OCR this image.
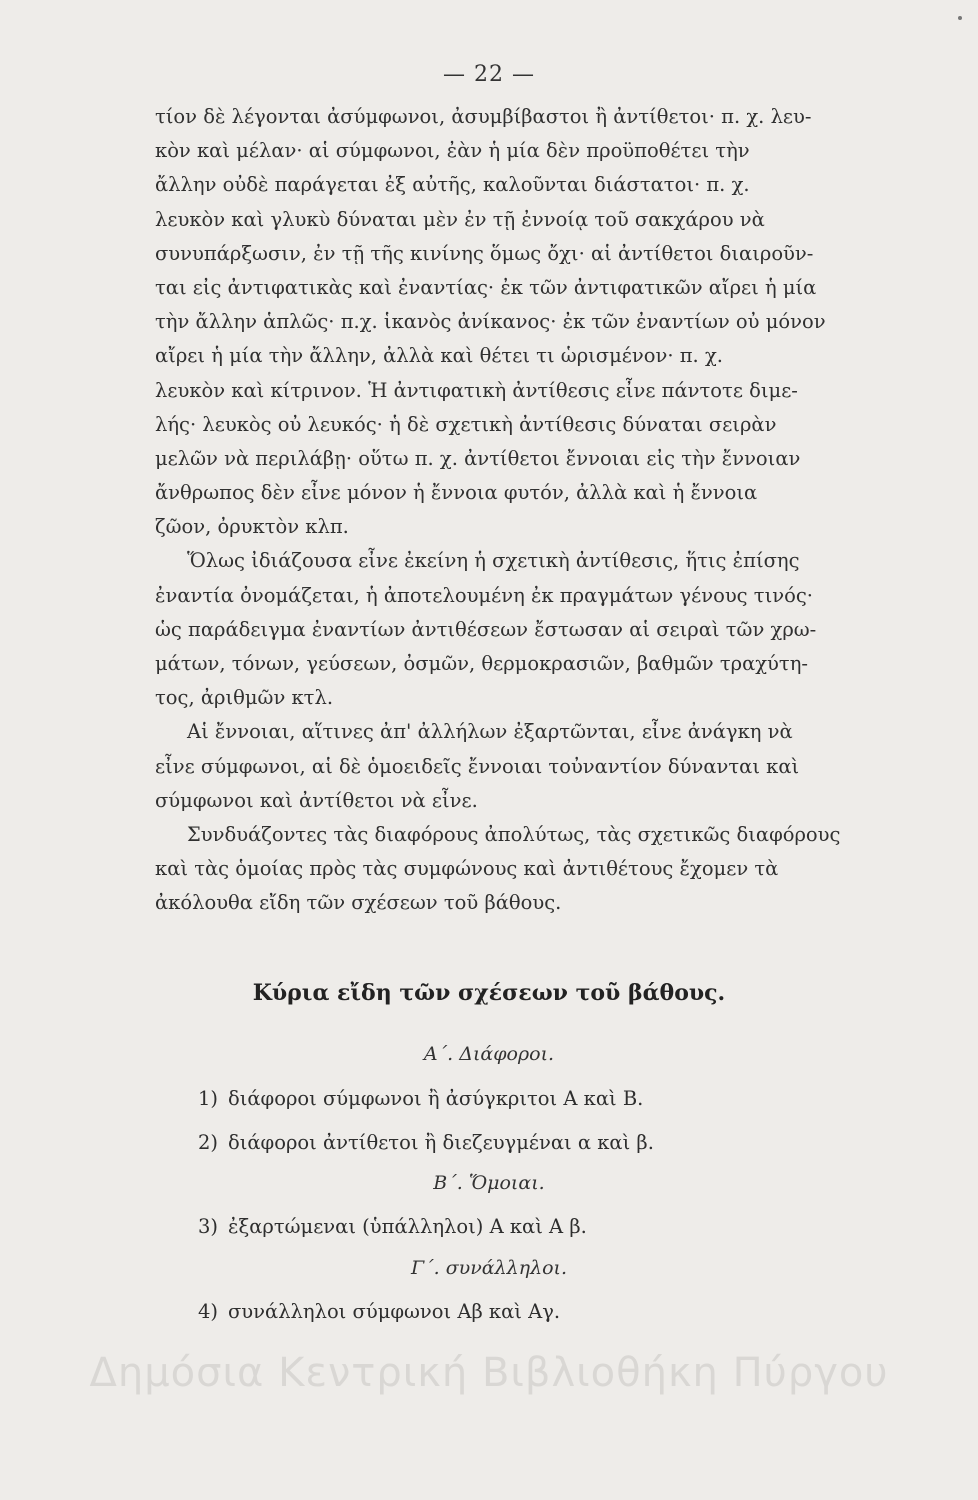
— 22 —
τίον δὲ λέγονται ἀσύμφωνοι, ἀσυμβίβαστοι ἢ ἀντίθετοι· π. χ. λευ-
κὸν καὶ μέλαν· αἱ σύμφωνοι, ἐὰν ἡ μία δὲν προϋποθέτει τὴν
ἄλλην οὐδὲ παράγεται ἐξ αὐτῆς, καλοῦνται διάστατοι· π. χ.
λευκὸν καὶ γλυκὺ δύναται μὲν ἐν τῇ ἐννοίᾳ τοῦ σακχάρου νὰ
συνυπάρξωσιν, ἐν τῇ τῆς κινίνης ὅμως ὄχι· αἱ ἀντίθετοι διαιροῦν-
ται εἰς ἀντιφατικὰς καὶ ἐναντίας· ἐκ τῶν ἀντιφατικῶν αἴρει ἡ μία
τὴν ἄλλην ἁπλῶς· π.χ. ἱκανὸς ἀνίκανος· ἐκ τῶν ἐναντίων οὐ μόνον
αἴρει ἡ μία τὴν ἄλλην, ἀλλὰ καὶ θέτει τι ὡρισμένον· π. χ.
λευκὸν καὶ κίτρινον. Ἡ ἀντιφατικὴ ἀντίθεσις εἶνε πάντοτε διμε-
λής· λευκὸς οὐ λευκός· ἡ δὲ σχετικὴ ἀντίθεσις δύναται σειρὰν
μελῶν νὰ περιλάβῃ· οὕτω π. χ. ἀντίθετοι ἔννοιαι εἰς τὴν ἔννοιαν
ἄνθρωπος δὲν εἶνε μόνον ἡ ἔννοια φυτόν, ἀλλὰ καὶ ἡ ἔννοια
ζῶον, ὀρυκτὸν κλπ.
Ὅλως ἰδιάζουσα εἶνε ἐκείνη ἡ σχετικὴ ἀντίθεσις, ἥτις ἐπίσης
ἐναντία ὀνομάζεται, ἡ ἀποτελουμένη ἐκ πραγμάτων γένους τινός·
ὡς παράδειγμα ἐναντίων ἀντιθέσεων ἔστωσαν αἱ σειραὶ τῶν χρω-
μάτων, τόνων, γεύσεων, ὀσμῶν, θερμοκρασιῶν, βαθμῶν τραχύτη-
τος, ἀριθμῶν κτλ.
Αἱ ἔννοιαι, αἵτινες ἀπ' ἀλλήλων ἐξαρτῶνται, εἶνε ἀνάγκη νὰ
εἶνε σύμφωνοι, αἱ δὲ ὁμοειδεῖς ἔννοιαι τοὐναντίον δύνανται καὶ
σύμφωνοι καὶ ἀντίθετοι νὰ εἶνε.
Συνδυάζοντες τὰς διαφόρους ἀπολύτως, τὰς σχετικῶς διαφόρους
καὶ τὰς ὁμοίας πρὸς τὰς συμφώνους καὶ ἀντιθέτους ἔχομεν τὰ
ἀκόλουθα εἴδη τῶν σχέσεων τοῦ βάθους.
Κύρια εἴδη τῶν σχέσεων τοῦ βάθους.
Α΄. Διάφοροι.
1) διάφοροι σύμφωνοι ἢ ἀσύγκριτοι Α καὶ Β.
2) διάφοροι ἀντίθετοι ἢ διεζευγμέναι α καὶ β.
Β΄. Ὅμοιαι.
3) ἐξαρτώμεναι (ὑπάλληλοι) Α καὶ Α β.
Γ΄. συνάλληλοι.
4) συνάλληλοι σύμφωνοι Αβ καὶ Αγ.
Δημόσια Κεντρική Βιβλιοθήκη Πύργου
